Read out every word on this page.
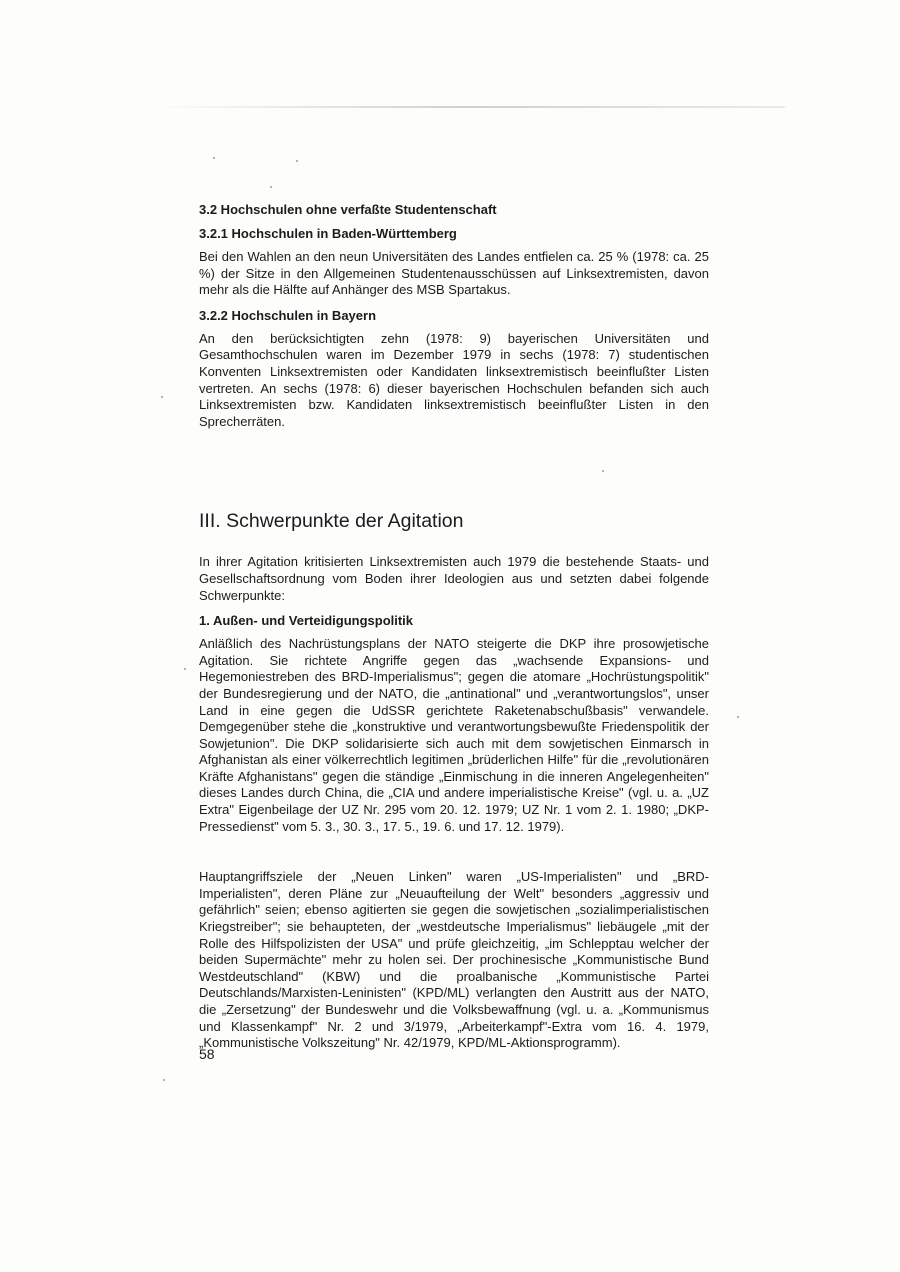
3.2 Hochschulen ohne verfaßte Studentenschaft
3.2.1 Hochschulen in Baden-Württemberg

Bei den Wahlen an den neun Universitäten des Landes entfielen ca. 25 % (1978: ca. 25 %) der Sitze in den Allgemeinen Studentenausschüssen auf Linksextremisten, davon mehr als die Hälfte auf Anhänger des MSB Spartakus.

3.2.2 Hochschulen in Bayern

An den berücksichtigten zehn (1978: 9) bayerischen Universitäten und Gesamthochschulen waren im Dezember 1979 in sechs (1978: 7) studentischen Konventen Linksextremisten oder Kandidaten linksextremistisch beeinflußter Listen vertreten. An sechs (1978: 6) dieser bayerischen Hochschulen befanden sich auch Linksextremisten bzw. Kandidaten linksextremistisch beeinflußter Listen in den Sprecherräten.

III. Schwerpunkte der Agitation

In ihrer Agitation kritisierten Linksextremisten auch 1979 die bestehende Staats- und Gesellschaftsordnung vom Boden ihrer Ideologien aus und setzten dabei folgende Schwerpunkte:

1. Außen- und Verteidigungspolitik

Anläßlich des Nachrüstungsplans der NATO steigerte die DKP ihre prosowjetische Agitation. Sie richtete Angriffe gegen das „wachsende Expansions- und Hegemoniestreben des BRD-Imperialismus"; gegen die atomare „Hochrüstungspolitik" der Bundesregierung und der NATO, die „antinational" und „verantwortungslos", unser Land in eine gegen die UdSSR gerichtete Raketenabschußbasis" verwandele. Demgegenüber stehe die „konstruktive und verantwortungsbewußte Friedenspolitik der Sowjetunion". Die DKP solidarisierte sich auch mit dem sowjetischen Einmarsch in Afghanistan als einer völkerrechtlich legitimen „brüderlichen Hilfe" für die „revolutionären Kräfte Afghanistans" gegen die ständige „Einmischung in die inneren Angelegenheiten" dieses Landes durch China, die „CIA und andere imperialistische Kreise" (vgl. u. a. „UZ Extra" Eigenbeilage der UZ Nr. 295 vom 20. 12. 1979; UZ Nr. 1 vom 2. 1. 1980; „DKP-Pressedienst" vom 5. 3., 30. 3., 17. 5., 19. 6. und 17. 12. 1979).

Hauptangriffsziele der „Neuen Linken" waren „US-Imperialisten" und „BRD-Imperialisten", deren Pläne zur „Neuaufteilung der Welt" besonders „aggressiv und gefährlich" seien; ebenso agitierten sie gegen die sowjetischen „sozialimperialistischen Kriegstreiber"; sie behaupteten, der „westdeutsche Imperialismus" liebäugele „mit der Rolle des Hilfspolizisten der USA" und prüfe gleichzeitig, „im Schlepptau welcher der beiden Supermächte" mehr zu holen sei. Der prochinesische „Kommunistische Bund Westdeutschland" (KBW) und die proalbanische „Kommunistische Partei Deutschlands/Marxisten-Leninisten" (KPD/ML) verlangten den Austritt aus der NATO, die „Zersetzung" der Bundeswehr und die Volksbewaffnung (vgl. u. a. „Kommunismus und Klassenkampf" Nr. 2 und 3/1979, „Arbeiterkampf"-Extra vom 16. 4. 1979, „Kommunistische Volkszeitung" Nr. 42/1979, KPD/ML-Aktionsprogramm).

58
